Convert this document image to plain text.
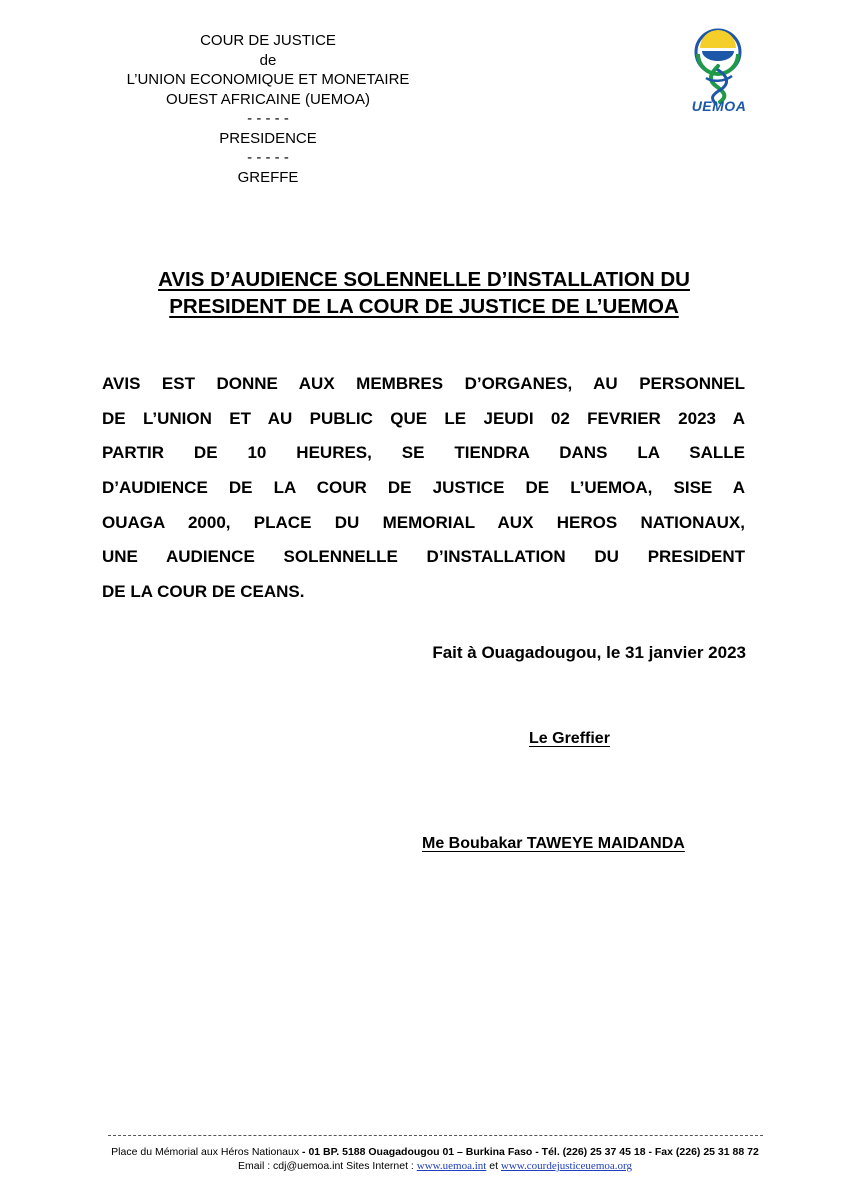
COUR DE JUSTICE
de
L’UNION ECONOMIQUE ET MONETAIRE
OUEST AFRICAINE (UEMOA)
- - - - -
PRESIDENCE
- - - - -
GREFFE
UEMOA
AVIS D’AUDIENCE SOLENNELLE D’INSTALLATION DU
PRESIDENT DE LA COUR DE JUSTICE DE L’UEMOA
AVIS EST DONNE AUX MEMBRES D’ORGANES, AU PERSONNEL
DE L’UNION ET AU PUBLIC QUE LE JEUDI 02 FEVRIER 2023 A
PARTIR DE 10 HEURES, SE TIENDRA DANS LA SALLE
D’AUDIENCE DE LA COUR DE JUSTICE DE L’UEMOA, SISE A
OUAGA 2000, PLACE DU MEMORIAL AUX HEROS NATIONAUX,
UNE AUDIENCE SOLENNELLE D’INSTALLATION DU PRESIDENT
DE LA COUR DE CEANS.
Fait à Ouagadougou, le 31 janvier 2023
Le Greffier
Me Boubakar TAWEYE MAIDANDA
Place du Mémorial aux Héros Nationaux - 01 BP. 5188 Ouagadougou 01 – Burkina Faso - Tél. (226) 25 37 45 18 - Fax (226) 25 31 88 72
Email : cdj@uemoa.int Sites Internet : www.uemoa.int et www.courdejusticeuemoa.org
